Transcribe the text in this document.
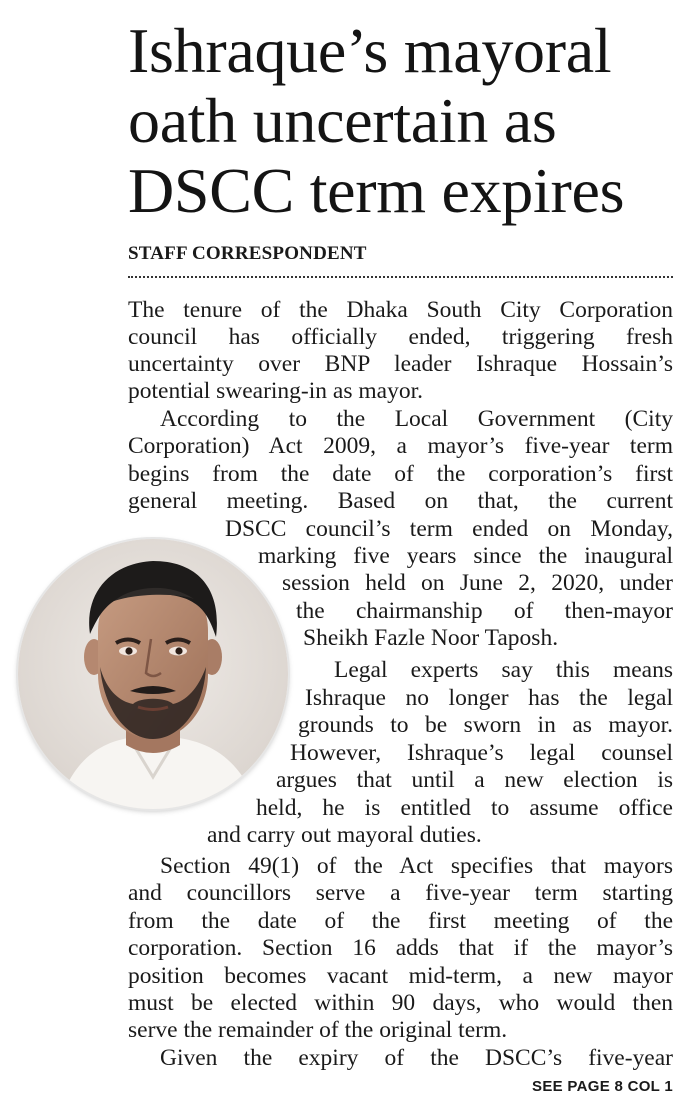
Ishraque’s mayoral
oath uncertain as
DSCC term expires
STAFF CORRESPONDENT
The tenure of the Dhaka South City Corporation
council has officially ended, triggering fresh
uncertainty over BNP leader Ishraque Hossain’s
potential swearing-in as mayor.
According to the Local Government (City
Corporation) Act 2009, a mayor’s five-year term
begins from the date of the corporation’s first
general meeting. Based on that, the current
DSCC council’s term ended on Monday,
marking five years since the inaugural
session held on June 2, 2020, under
the chairmanship of then-mayor
Sheikh Fazle Noor Taposh.
Legal experts say this means
Ishraque no longer has the legal
grounds to be sworn in as mayor.
However, Ishraque’s legal counsel
argues that until a new election is
held, he is entitled to assume office
and carry out mayoral duties.
Section 49(1) of the Act specifies that mayors
and councillors serve a five-year term starting
from the date of the first meeting of the
corporation. Section 16 adds that if the mayor’s
position becomes vacant mid-term, a new mayor
must be elected within 90 days, who would then
serve the remainder of the original term.
Given the expiry of the DSCC’s five-year
SEE PAGE 8 COL 1
